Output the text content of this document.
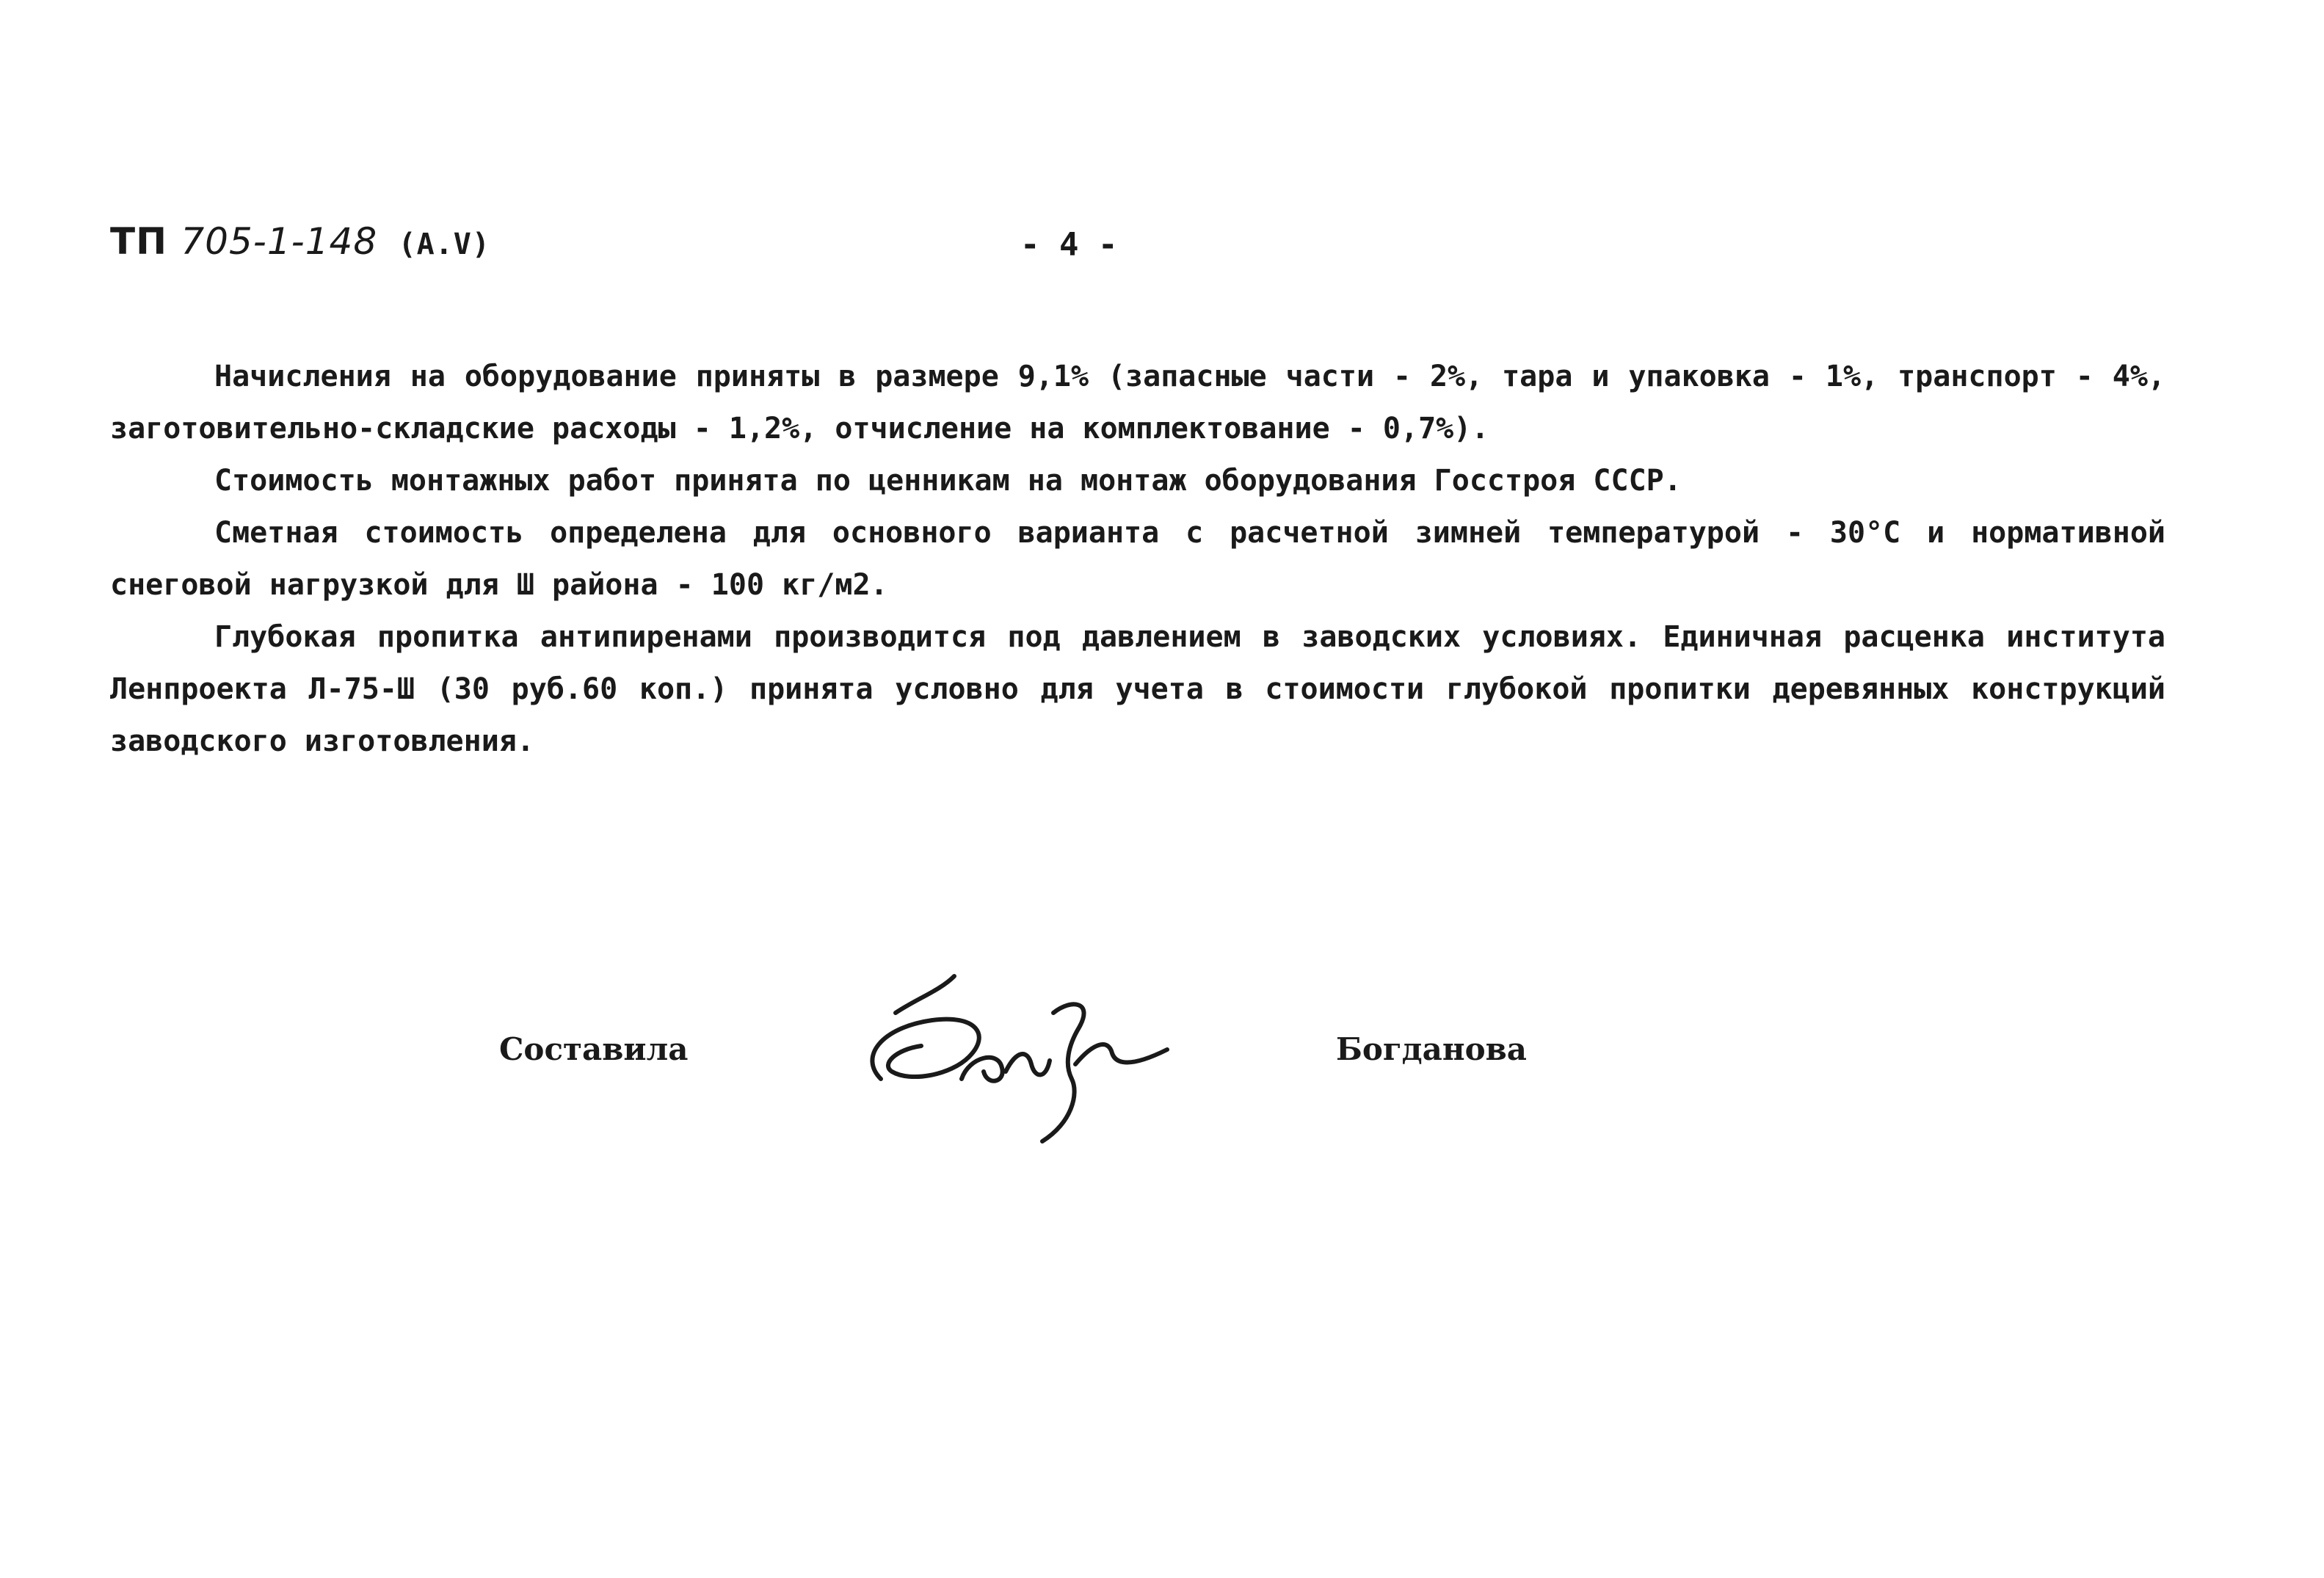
ТП 705-1-148 (A.V)	- 4 -

Начисления на оборудование приняты в размере 9,1% (запасные части - 2%, тара и упаковка - 1%, транспорт - 4%, заготовительно-складские расходы - 1,2%, отчисление на комплектование - 0,7%).

Стоимость монтажных работ принята по ценникам на монтаж оборудования Госстроя СССР.

Сметная стоимость определена для основного варианта с расчетной зимней температурой - 30°С и нормативной снеговой нагрузкой для Ш района - 100 кг/м2.

Глубокая пропитка антипиренами производится под давлением в заводских условиях. Единичная расценка института Ленпроекта Л-75-Ш (30 руб.60 коп.) принята условно для учета в стоимости глубокой пропитки деревянных конструкций заводского изготовления.

Составила	Богданова
